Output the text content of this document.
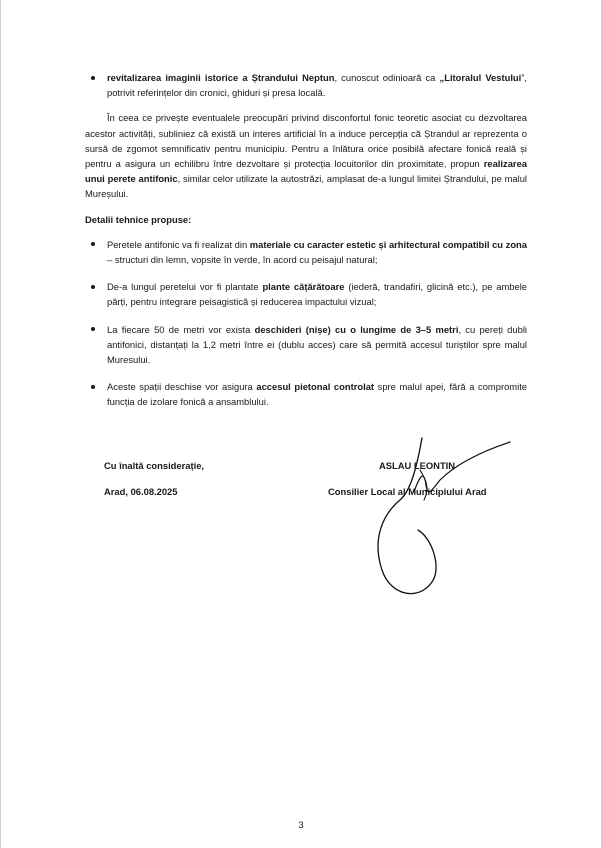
revitalizarea imaginii istorice a Ștrandului Neptun, cunoscut odinioară ca „Litoralul Vestului”, potrivit referințelor din cronici, ghiduri și presa locală.

În ceea ce privește eventualele preocupări privind disconfortul fonic teoretic asociat cu dezvoltarea acestor activități, subliniez că există un interes artificial în a induce percepția că Ștrandul ar reprezenta o sursă de zgomot semnificativ pentru municipiu. Pentru a înlătura orice posibilă afectare fonică reală și pentru a asigura un echilibru între dezvoltare și protecția locuitorilor din proximitate, propun realizarea unui perete antifonic, similar celor utilizate la autostrăzi, amplasat de-a lungul limitei Ștrandului, pe malul Mureșului.

Detalii tehnice propuse:

Peretele antifonic va fi realizat din materiale cu caracter estetic și arhitectural compatibil cu zona – structuri din lemn, vopsite în verde, în acord cu peisajul natural;

De-a lungul peretelui vor fi plantate plante cățărătoare (iederă, trandafiri, glicină etc.), pe ambele părți, pentru integrare peisagistică și reducerea impactului vizual;

La fiecare 50 de metri vor exista deschideri (nișe) cu o lungime de 3–5 metri, cu pereți dubli antifonici, distanțați la 1,2 metri între ei (dublu acces) care să permită accesul turiștilor spre malul Muresului.

Aceste spații deschise vor asigura accesul pietonal controlat spre malul apei, fără a compromite funcția de izolare fonică a ansamblului.

Cu înaltă considerație,
Arad, 06.08.2025
ASLAU LEONTIN
Consilier Local al Municipiului Arad
3
